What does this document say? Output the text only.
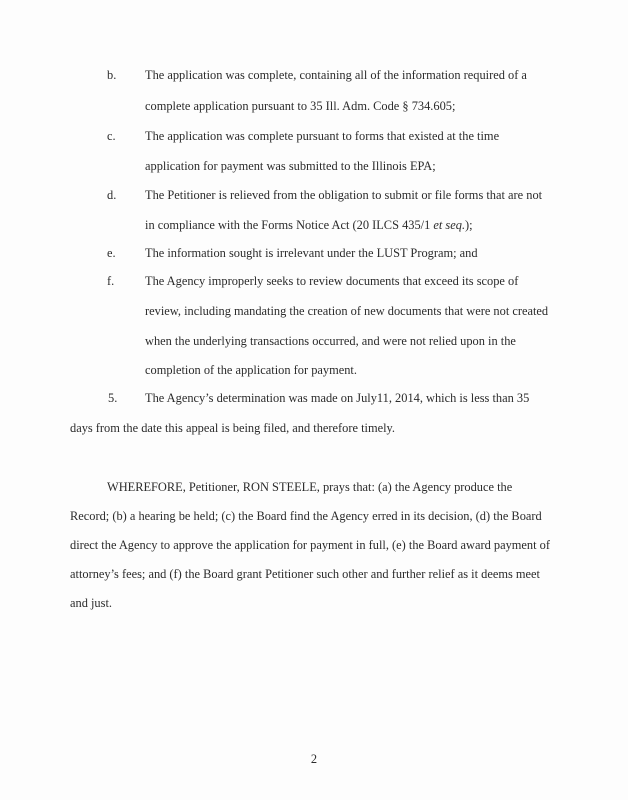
b. The application was complete, containing all of the information required of a
complete application pursuant to 35 Ill. Adm. Code § 734.605;
c. The application was complete pursuant to forms that existed at the time
application for payment was submitted to the Illinois EPA;
d. The Petitioner is relieved from the obligation to submit or file forms that are not
in compliance with the Forms Notice Act (20 ILCS 435/1 et seq.);
e. The information sought is irrelevant under the LUST Program; and
f. The Agency improperly seeks to review documents that exceed its scope of
review, including mandating the creation of new documents that were not created
when the underlying transactions occurred, and were not relied upon in the
completion of the application for payment.
5. The Agency’s determination was made on July11, 2014, which is less than 35
days from the date this appeal is being filed, and therefore timely.
WHEREFORE, Petitioner, RON STEELE, prays that: (a) the Agency produce the
Record; (b) a hearing be held; (c) the Board find the Agency erred in its decision, (d) the Board
direct the Agency to approve the application for payment in full, (e) the Board award payment of
attorney’s fees; and (f) the Board grant Petitioner such other and further relief as it deems meet
and just.
2
